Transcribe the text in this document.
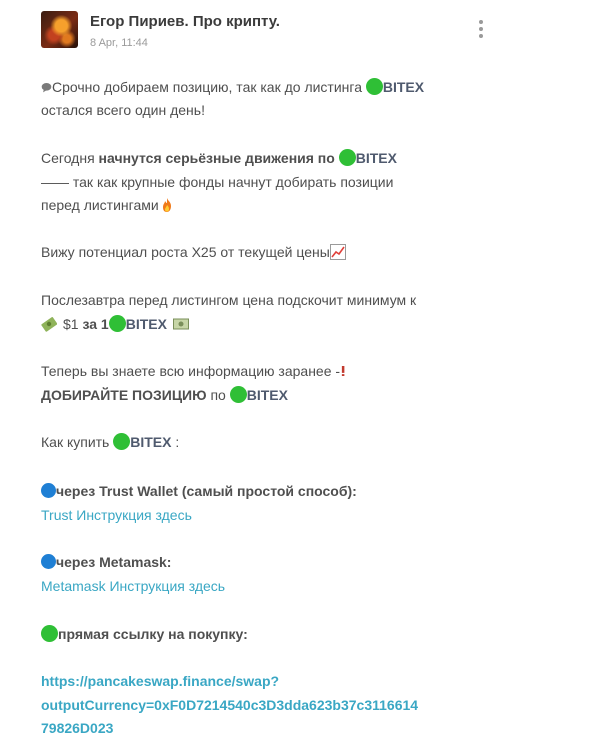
Егор Пириев. Про крипту.
8 Apr, 11:44
Срочно добираем позицию, так как до листинга BITEX
остался всего один день!
Сегодня начнутся серьёзные движения по BITEX
—— так как крупные фонды начнут добирать позиции
перед листингами
Вижу потенциал роста Х25 от текущей цены
Послезавтра перед листингом цена подскочит минимум к
$1 за 1 BITEX
Теперь вы знаете всю информацию заранее -
ДОБИРАЙТЕ ПОЗИЦИЮ по BITEX
Как купить BITEX :
через Trust Wallet (самый простой способ):
Trust Инструкция здесь
через Metamask:
Metamask Инструкция здесь
прямая ссылку на покупку:
https://pancakeswap.finance/swap?
outputCurrency=0xF0D7214540c3D3dda623b37c3116614
79826D023
